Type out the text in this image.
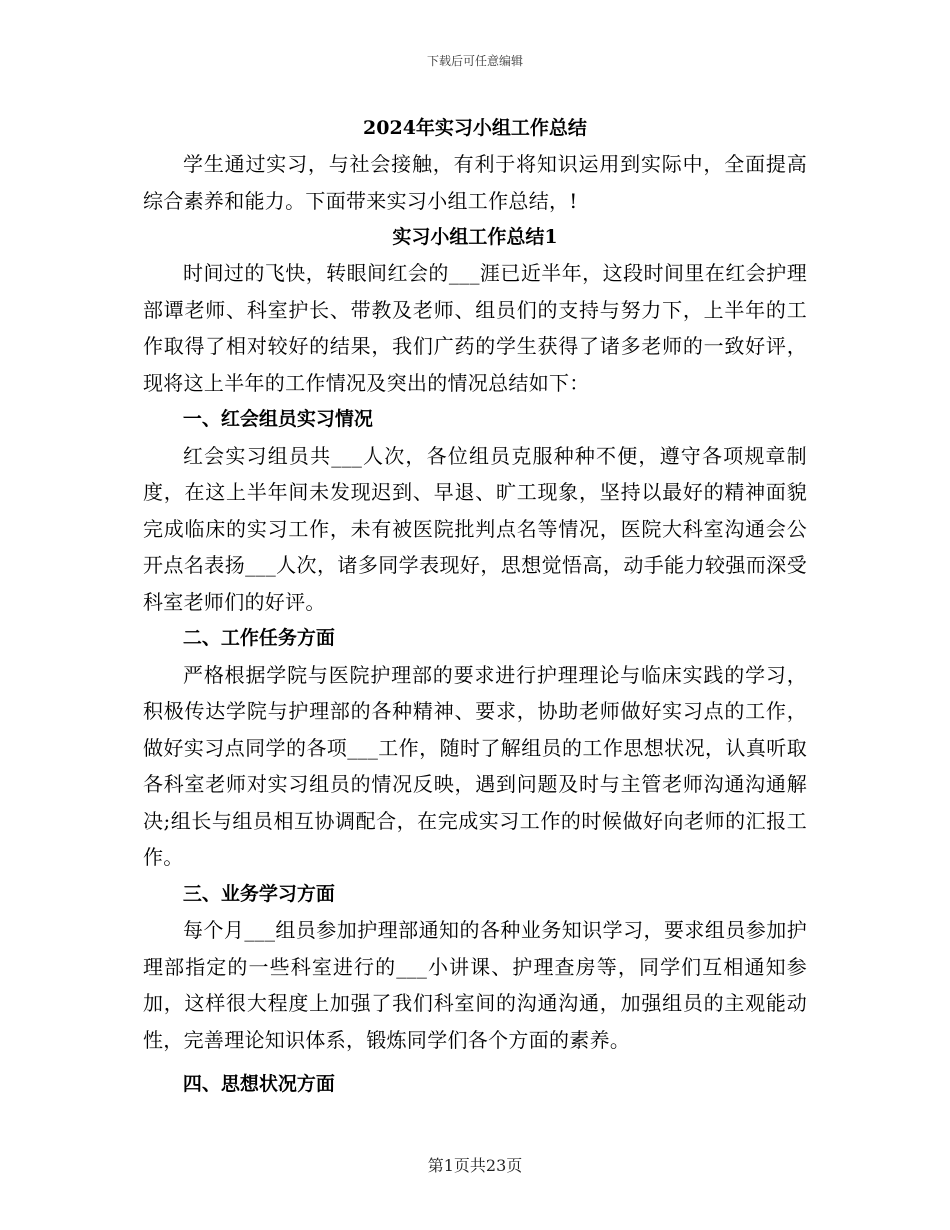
下载后可任意编辑
2024年实习小组工作总结

学生通过实习，与社会接触，有利于将知识运用到实际中，全面提高综合素养和能力。下面带来实习小组工作总结，!

实习小组工作总结1

时间过的飞快，转眼间红会的___涯已近半年，这段时间里在红会护理部谭老师、科室护长、带教及老师、组员们的支持与努力下，上半年的工作取得了相对较好的结果，我们广药的学生获得了诸多老师的一致好评，现将这上半年的工作情况及突出的情况总结如下：

一、红会组员实习情况

红会实习组员共___人次，各位组员克服种种不便，遵守各项规章制度，在这上半年间未发现迟到、早退、旷工现象，坚持以最好的精神面貌完成临床的实习工作，未有被医院批判点名等情况，医院大科室沟通会公开点名表扬___人次，诸多同学表现好，思想觉悟高，动手能力较强而深受科室老师们的好评。

二、工作任务方面

严格根据学院与医院护理部的要求进行护理理论与临床实践的学习，积极传达学院与护理部的各种精神、要求，协助老师做好实习点的工作，做好实习点同学的各项___工作，随时了解组员的工作思想状况，认真听取各科室老师对实习组员的情况反映，遇到问题及时与主管老师沟通沟通解决;组长与组员相互协调配合，在完成实习工作的时候做好向老师的汇报工作。

三、业务学习方面

每个月___组员参加护理部通知的各种业务知识学习，要求组员参加护理部指定的一些科室进行的___小讲课、护理查房等，同学们互相通知参加，这样很大程度上加强了我们科室间的沟通沟通，加强组员的主观能动性，完善理论知识体系，锻炼同学们各个方面的素养。

四、思想状况方面
第1页共23页
